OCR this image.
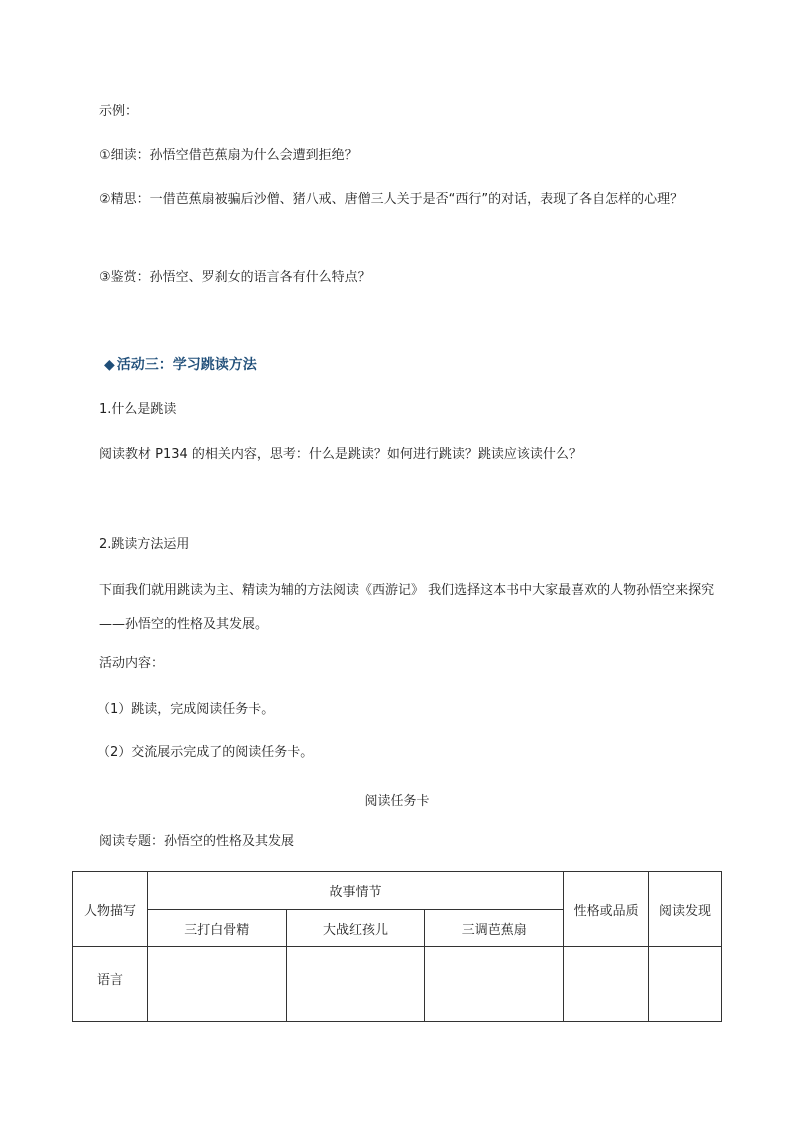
示例：
①细读：孙悟空借芭蕉扇为什么会遭到拒绝？
②精思：一借芭蕉扇被骗后沙僧、猪八戒、唐僧三人关于是否“西行”的对话，表现了各自怎样的心理？
③鉴赏：孙悟空、罗刹女的语言各有什么特点？
◆ 活动三：学习跳读方法
1.什么是跳读
阅读教材 P134 的相关内容，思考：什么是跳读？如何进行跳读？跳读应该读什么？
2.跳读方法运用
下面我们就用跳读为主、精读为辅的方法阅读《西游记》 我们选择这本书中大家最喜欢的人物孙悟空来探究——孙悟空的性格及其发展。
活动内容：
（1）跳读，完成阅读任务卡。
（2）交流展示完成了的阅读任务卡。
阅读任务卡
阅读专题：孙悟空的性格及其发展
人物描写	故事情节			性格或品质	阅读发现
	三打白骨精	大战红孩儿	三调芭蕉扇		
语言					
